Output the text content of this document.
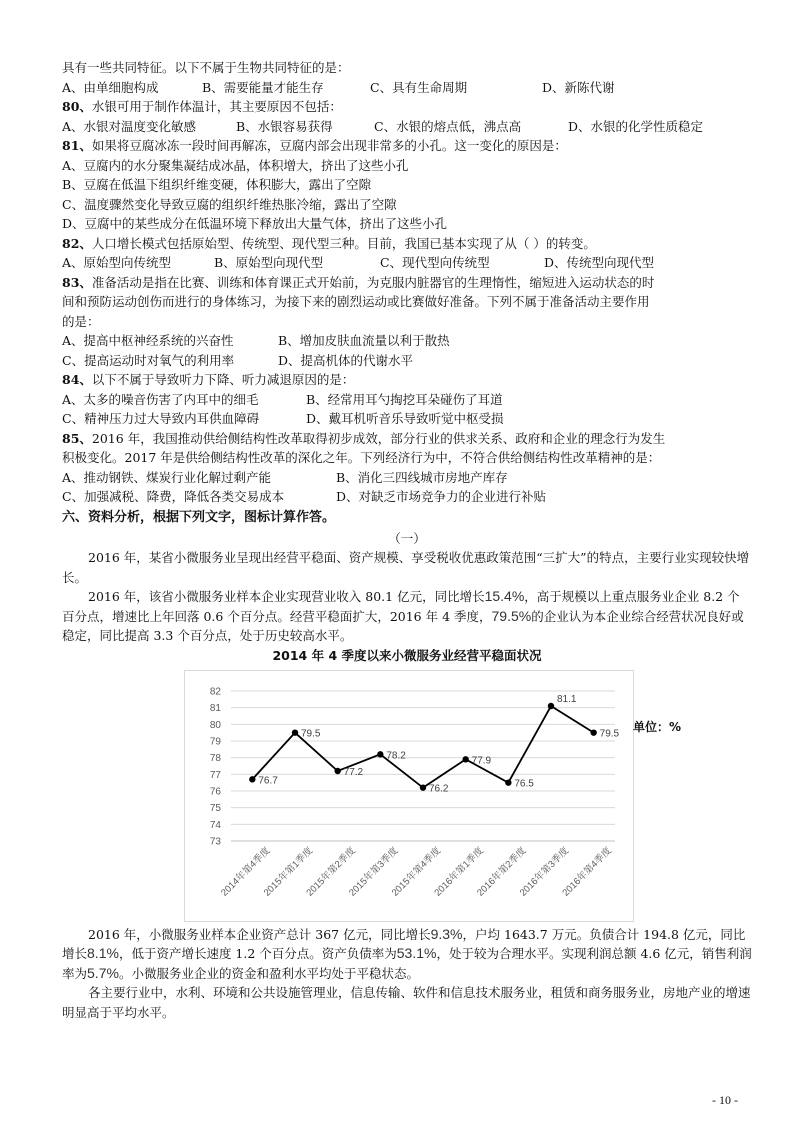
具有一些共同特征。以下不属于生物共同特征的是：
A、由单细胞构成	B、需要能量才能生存	C、具有生命周期	D、新陈代谢
80、水银可用于制作体温计，其主要原因不包括：
A、水银对温度变化敏感	B、水银容易获得	C、水银的熔点低，沸点高	D、水银的化学性质稳定
81、如果将豆腐冰冻一段时间再解冻，豆腐内部会出现非常多的小孔。这一变化的原因是：
A、豆腐内的水分聚集凝结成冰晶，体积增大，挤出了这些小孔
B、豆腐在低温下组织纤维变硬，体积膨大，露出了空隙
C、温度骤然变化导致豆腐的组织纤维热胀冷缩，露出了空隙
D、豆腐中的某些成分在低温环境下释放出大量气体，挤出了这些小孔
82、人口增长模式包括原始型、传统型、现代型三种。目前，我国已基本实现了从（ ）的转变。
A、原始型向传统型	B、原始型向现代型	C、现代型向传统型	D、传统型向现代型
83、准备活动是指在比赛、训练和体育课正式开始前，为克服内脏器官的生理惰性，缩短进入运动状态的时
间和预防运动创伤而进行的身体练习，为接下来的剧烈运动或比赛做好准备。下列不属于准备活动主要作用
的是：
A、提高中枢神经系统的兴奋性	B、增加皮肤血流量以利于散热
C、提高运动时对氧气的利用率	D、提高机体的代谢水平
84、以下不属于导致听力下降、听力减退原因的是：
A、太多的噪音伤害了内耳中的细毛	B、经常用耳勺掏挖耳朵碰伤了耳道
C、精神压力过大导致内耳供血障碍	D、戴耳机听音乐导致听觉中枢受损
85、2016 年，我国推动供给侧结构性改革取得初步成效，部分行业的供求关系、政府和企业的理念行为发生
积极变化。2017 年是供给侧结构性改革的深化之年。下列经济行为中，不符合供给侧结构性改革精神的是：
A、推动钢铁、煤炭行业化解过剩产能	B、消化三四线城市房地产库存
C、加强减税、降费，降低各类交易成本	D、对缺乏市场竞争力的企业进行补贴
六、资料分析，根据下列文字，图标计算作答。
（一）
2016 年，某省小微服务业呈现出经营平稳面、资产规模、享受税收优惠政策范围“三扩大”的特点，主要行业实现较快增长。
2016 年，该省小微服务业样本企业实现营业收入 80.1 亿元，同比增长15.4%，高于规模以上重点服务业企业 8.2 个百分点，增速比上年回落 0.6 个百分点。经营平稳面扩大，2016 年 4 季度，79.5%的企业认为本企业综合经营状况良好或稳定，同比提高 3.3 个百分点，处于历史较高水平。
2014 年 4 季度以来小微服务业经营平稳面状况
73
74
75
76
77
78
79
80
81
82
2014年第4季度
2015年第1季度
2015年第2季度
2015年第3季度
2015年第4季度
2016年第1季度
2016年第2季度
2016年第3季度
2016年第4季度
76.7
79.5
77.2
78.2
76.2
77.9
76.5
81.1
79.5
单位：%
2016 年，小微服务业样本企业资产总计 367 亿元，同比增长9.3%，户均 1643.7 万元。负债合计 194.8 亿元，同比增长8.1%，低于资产增长速度 1.2 个百分点。资产负债率为53.1%，处于较为合理水平。实现利润总额 4.6 亿元，销售利润率为5.7%。小微服务业企业的资金和盈利水平均处于平稳状态。
各主要行业中，水利、环境和公共设施管理业，信息传输、软件和信息技术服务业，租赁和商务服务业，房地产业的增速明显高于平均水平。
- 10 -
